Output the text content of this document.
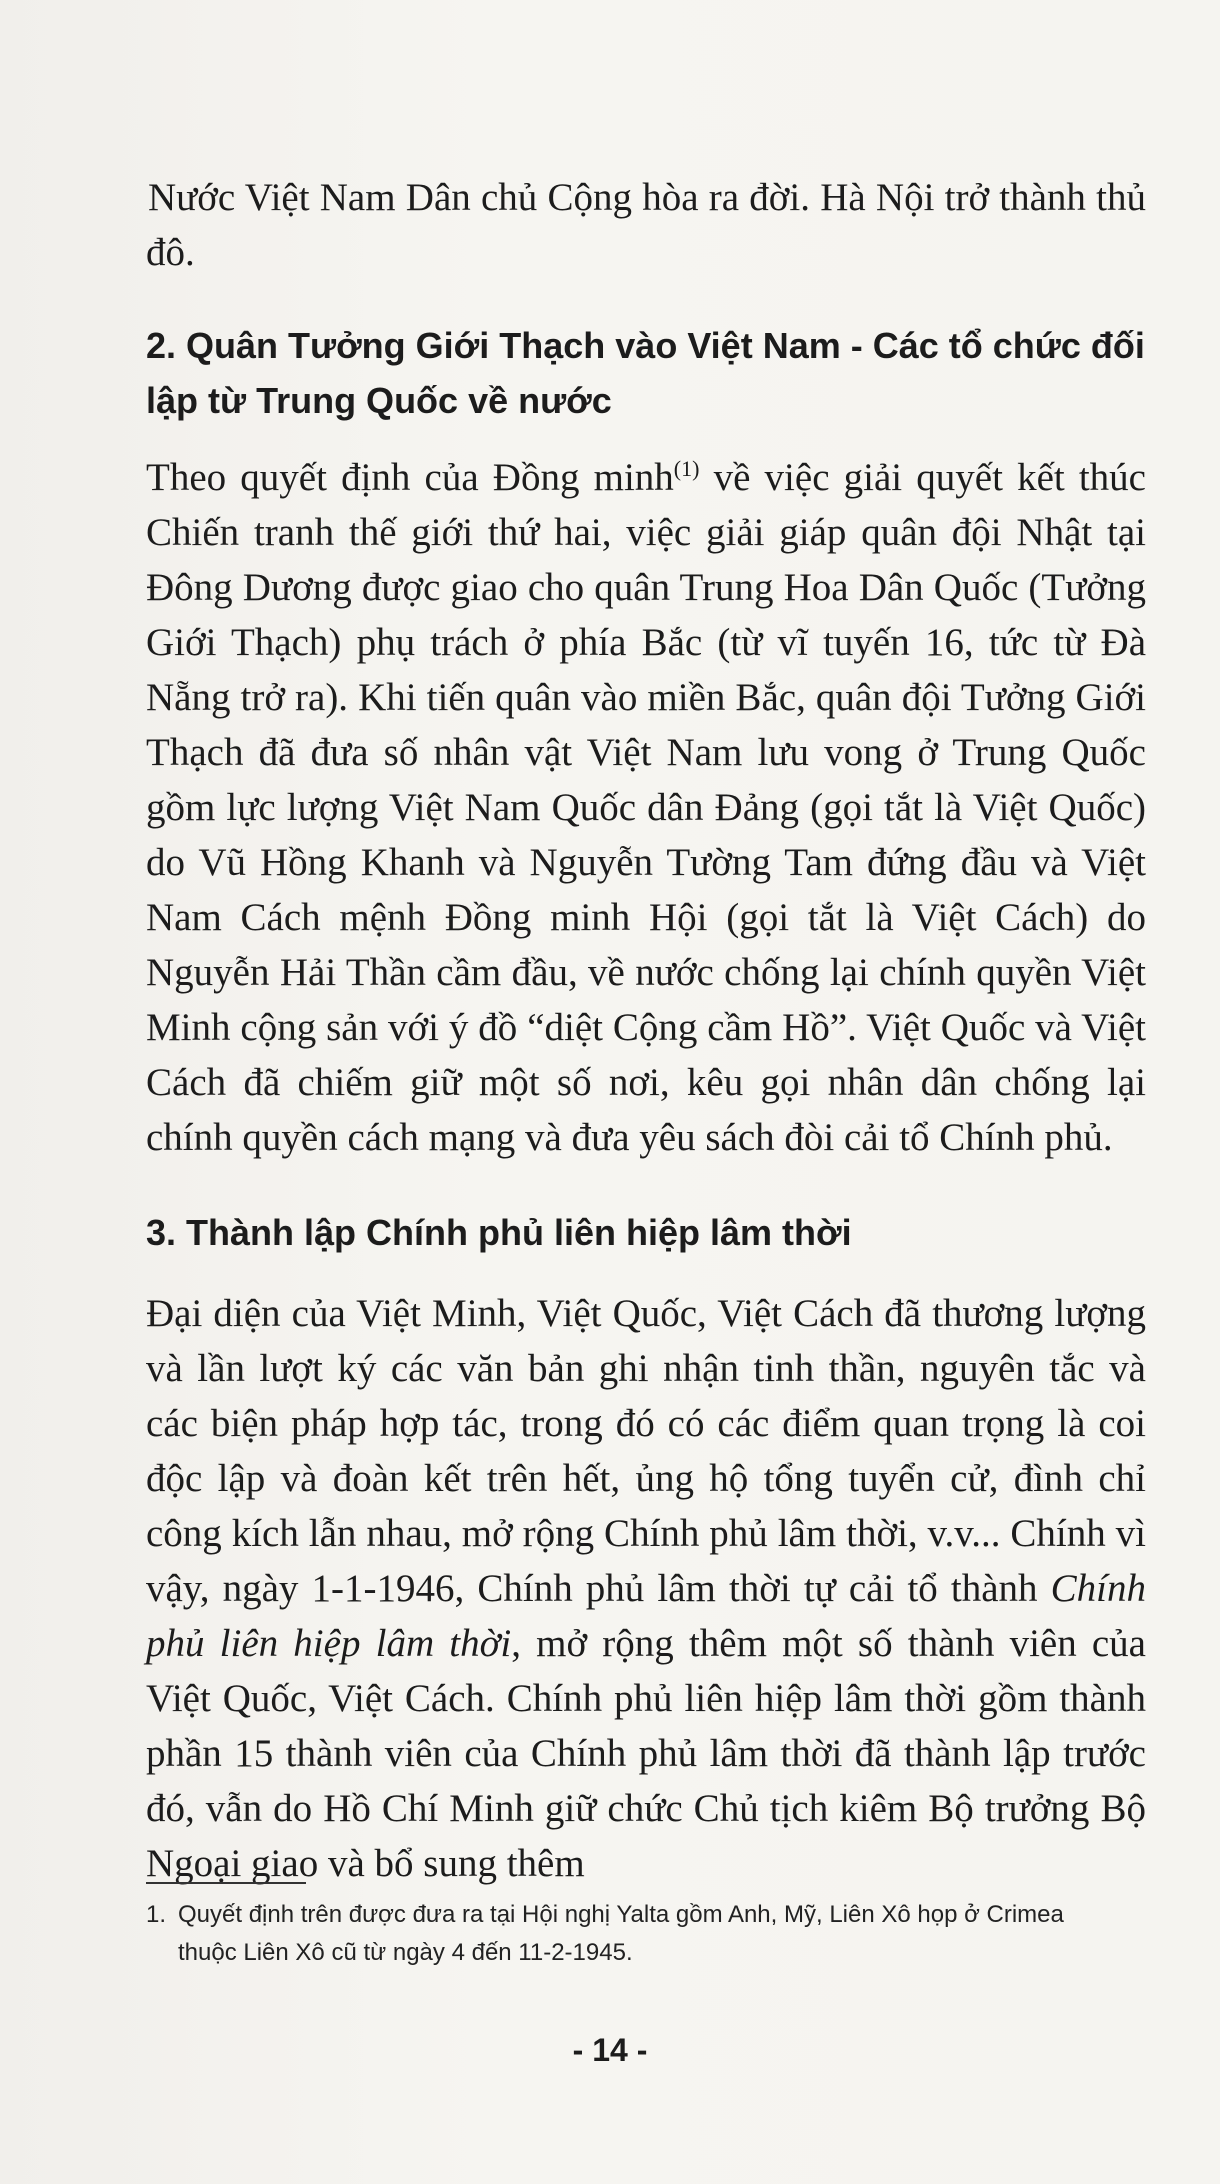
Nước Việt Nam Dân chủ Cộng hòa ra đời. Hà Nội trở thành thủ đô.

2. Quân Tưởng Giới Thạch vào Việt Nam - Các tổ chức đối lập từ Trung Quốc về nước

Theo quyết định của Đồng minh$^{(1)}$ về việc giải quyết kết thúc Chiến tranh thế giới thứ hai, việc giải giáp quân đội Nhật tại Đông Dương được giao cho quân Trung Hoa Dân Quốc (Tưởng Giới Thạch) phụ trách ở phía Bắc (từ vĩ tuyến 16, tức từ Đà Nẵng trở ra). Khi tiến quân vào miền Bắc, quân đội Tưởng Giới Thạch đã đưa số nhân vật Việt Nam lưu vong ở Trung Quốc gồm lực lượng Việt Nam Quốc dân Đảng (gọi tắt là Việt Quốc) do Vũ Hồng Khanh và Nguyễn Tường Tam đứng đầu và Việt Nam Cách mệnh Đồng minh Hội (gọi tắt là Việt Cách) do Nguyễn Hải Thần cầm đầu, về nước chống lại chính quyền Việt Minh cộng sản với ý đồ “diệt Cộng cầm Hồ”. Việt Quốc và Việt Cách đã chiếm giữ một số nơi, kêu gọi nhân dân chống lại chính quyền cách mạng và đưa yêu sách đòi cải tổ Chính phủ.

3. Thành lập Chính phủ liên hiệp lâm thời

Đại diện của Việt Minh, Việt Quốc, Việt Cách đã thương lượng và lần lượt ký các văn bản ghi nhận tinh thần, nguyên tắc và các biện pháp hợp tác, trong đó có các điểm quan trọng là coi độc lập và đoàn kết trên hết, ủng hộ tổng tuyển cử, đình chỉ công kích lẫn nhau, mở rộng Chính phủ lâm thời, v.v... Chính vì vậy, ngày 1-1-1946, Chính phủ lâm thời tự cải tổ thành Chính phủ liên hiệp lâm thời, mở rộng thêm một số thành viên của Việt Quốc, Việt Cách. Chính phủ liên hiệp lâm thời gồm thành phần 15 thành viên của Chính phủ lâm thời đã thành lập trước đó, vẫn do Hồ Chí Minh giữ chức Chủ tịch kiêm Bộ trưởng Bộ Ngoại giao và bổ sung thêm

1. Quyết định trên được đưa ra tại Hội nghị Yalta gồm Anh, Mỹ, Liên Xô họp ở Crimea
thuộc Liên Xô cũ từ ngày 4 đến 11-2-1945.

- 14 -
